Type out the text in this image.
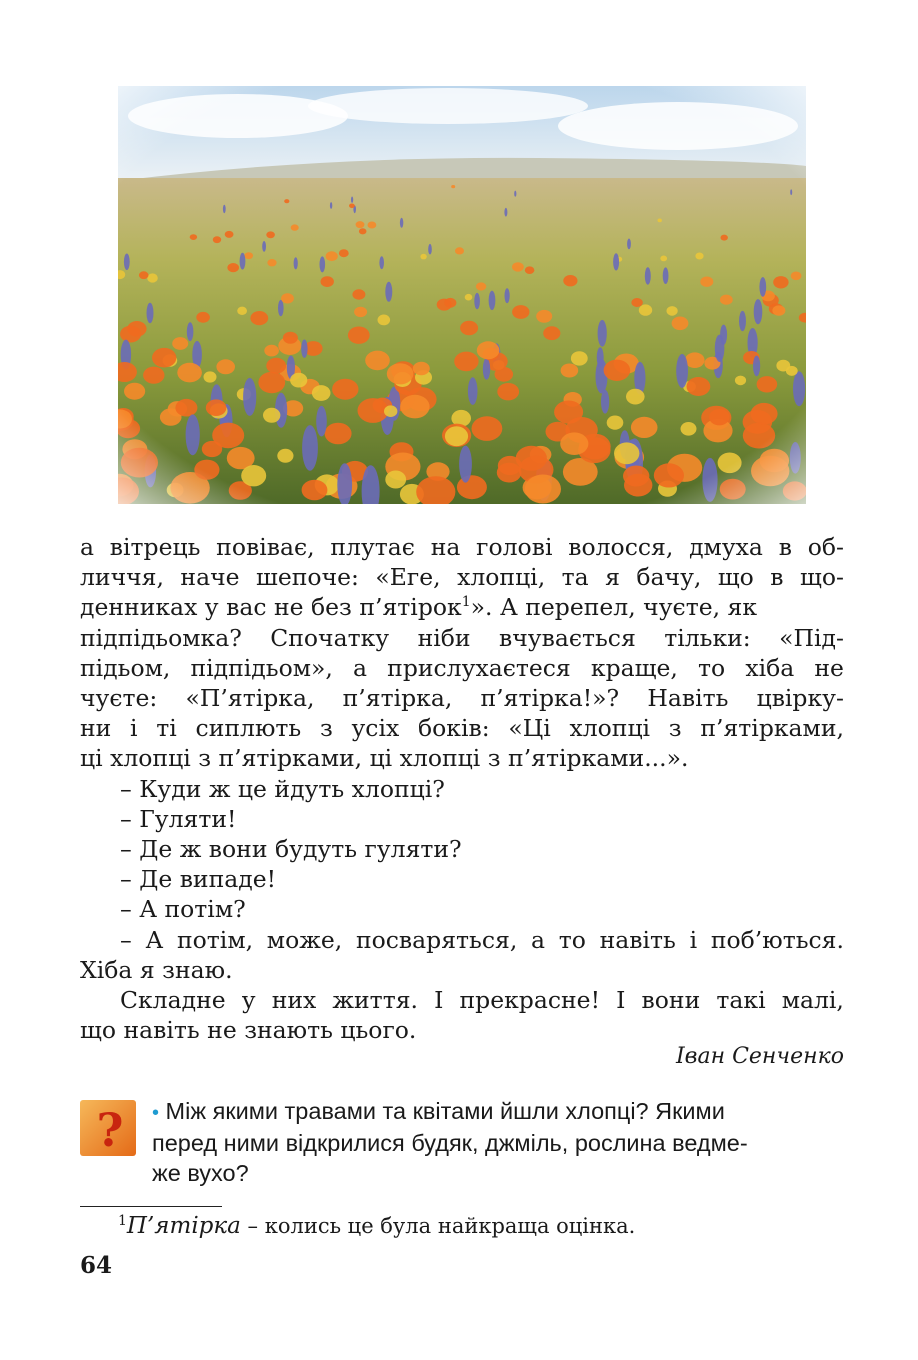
а вітрець повіває, плутає на голові волосся, дмуха в об-
личчя, наче шепоче: «Еге, хлопці, та я бачу, що в що-
денниках у вас не без п’ятірок$^1$». А перепел, чуєте, як
підпідьомка? Спочатку ніби вчувається тільки: «Під-
підьом, підпідьом», а прислухаєтеся краще, то хіба не
чуєте: «П’ятірка, п’ятірка, п’ятірка!»? Навіть цвірку-
ни і ті сиплють з усіх боків: «Ці хлопці з п’ятірками,
ці хлопці з п’ятірками, ці хлопці з п’ятірками...».
– Куди ж це йдуть хлопці?
– Гуляти!
– Де ж вони будуть гуляти?
– Де випаде!
– А потім?
– А потім, може, посваряться, а то навіть і поб’ються.
Хіба я знаю.
Складне у них життя. І прекрасне! І вони такі малі,
що навіть не знають цього.
Іван Сенченко
? • Між якими травами та квітами йшли хлопці? Якими
перед ними відкрилися будяк, джміль, рослина ведме-
же вухо?
$^1$П’ятірка – колись це була найкраща оцінка.
64
